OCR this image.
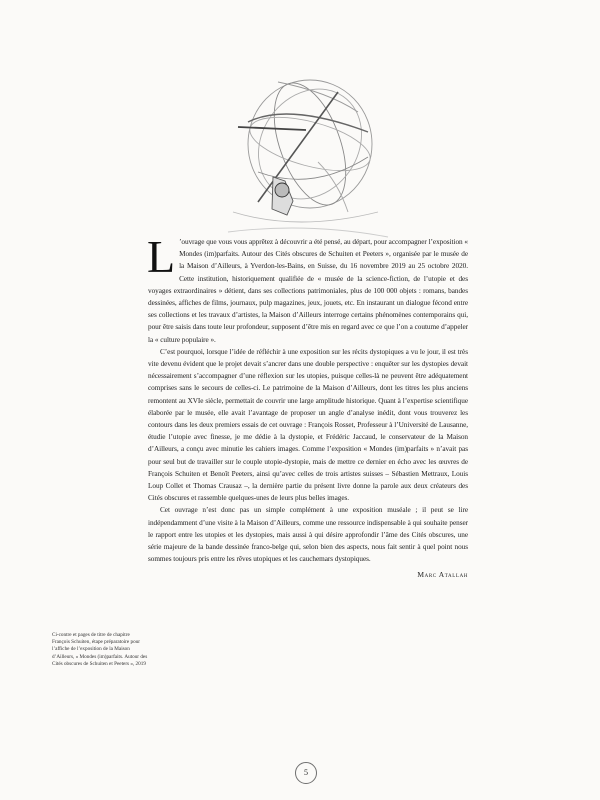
L ’ouvrage que vous vous apprêtez à découvrir a été pensé, au départ, pour accompagner l’exposition « Mondes (im)parfaits. Autour des Cités obscures de Schuiten et Peeters », organisée par le musée de la Maison d’Ailleurs, à Yverdon-les-Bains, en Suisse, du 16 novembre 2019 au 25 octobre 2020. Cette institution, historiquement qualifiée de « musée de la science-fiction, de l’utopie et des voyages extraordinaires » détient, dans ses collections patrimoniales, plus de 100 000 objets : romans, bandes dessinées, affiches de films, journaux, pulp magazines, jeux, jouets, etc. En instaurant un dialogue fécond entre ses collections et les travaux d’artistes, la Maison d’Ailleurs interroge certains phénomènes contemporains qui, pour être saisis dans toute leur profondeur, supposent d’être mis en regard avec ce que l’on a coutume d’appeler la « culture populaire ».

C’est pourquoi, lorsque l’idée de réfléchir à une exposition sur les récits dystopiques a vu le jour, il est très vite devenu évident que le projet devait s’ancrer dans une double perspective : enquêter sur les dystopies devait nécessairement s’accompagner d’une réflexion sur les utopies, puisque celles-là ne peuvent être adéquatement comprises sans le secours de celles-ci. Le patrimoine de la Maison d’Ailleurs, dont les titres les plus anciens remontent au XVIe siècle, permettait de couvrir une large amplitude historique. Quant à l’expertise scientifique élaborée par le musée, elle avait l’avantage de proposer un angle d’analyse inédit, dont vous trouverez les contours dans les deux premiers essais de cet ouvrage : François Rosset, Professeur à l’Université de Lausanne, étudie l’utopie avec finesse, je me dédie à la dystopie, et Frédéric Jaccaud, le conservateur de la Maison d’Ailleurs, a conçu avec minutie les cahiers images. Comme l’exposition « Mondes (im)parfaits » n’avait pas pour seul but de travailler sur le couple utopie-dystopie, mais de mettre ce dernier en écho avec les œuvres de François Schuiten et Benoît Peeters, ainsi qu’avec celles de trois artistes suisses – Sébastien Mettraux, Louis Loup Collet et Thomas Crausaz –, la dernière partie du présent livre donne la parole aux deux créateurs des Cités obscures et rassemble quelques-unes de leurs plus belles images.

Cet ouvrage n’est donc pas un simple complément à une exposition muséale ; il peut se lire indépendamment d’une visite à la Maison d’Ailleurs, comme une ressource indispensable à qui souhaite penser le rapport entre les utopies et les dystopies, mais aussi à qui désire approfondir l’âme des Cités obscures, une série majeure de la bande dessinée franco-belge qui, selon bien des aspects, nous fait sentir à quel point nous sommes toujours pris entre les rêves utopiques et les cauchemars dystopiques.

Marc Atallah
Ci-contre et pages de titre de chapitre François Schuiten, étape préparatoire pour l’affiche de l’exposition de la Maison d’Ailleurs, « Mondes (im)parfaits. Autour des Cités obscures de Schuiten et Peeters », 2019
5
